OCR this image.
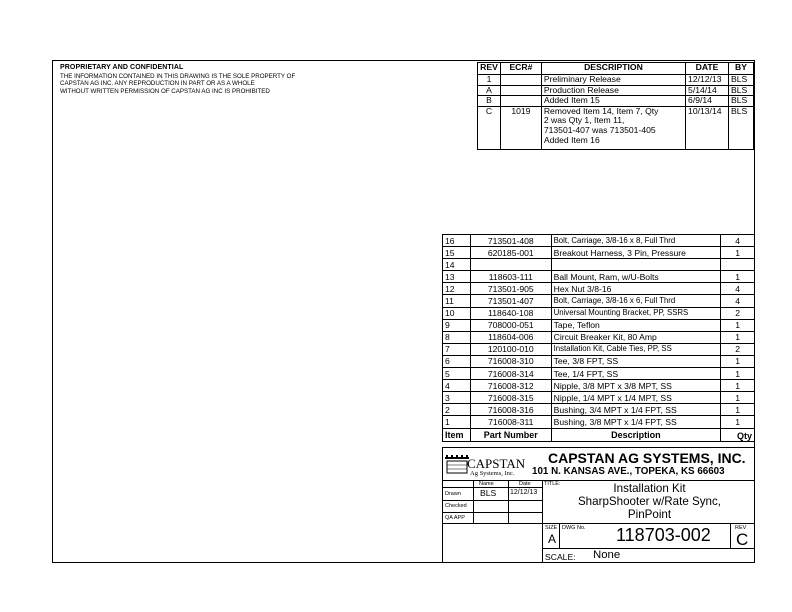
PROPRIETARY AND CONFIDENTIAL
THE INFORMATION CONTAINED IN THIS DRAWING IS THE SOLE PROPERTY OF
CAPSTAN AG INC. ANY REPRODUCTION IN PART OR AS A WHOLE
WITHOUT WRITTEN PERMISSION OF CAPSTAN AG INC IS PROHIBITED
REV	ECR#	DESCRIPTION	DATE	BY
1		Preliminary Release	12/12/13	BLS
A		Production Release	5/14/14	BLS
B		Added Item 15	6/9/14	BLS
C	1019	Removed Item 14, Item 7, Qty
2 was Qty 1, Item 11,
713501-407 was 713501-405
Added Item 16	10/13/14	BLS
16	713501-408	Bolt, Carriage, 3/8-16 x 8, Full Thrd	4
15	620185-001	Breakout Harness, 3 Pin, Pressure	1
14			
13	118603-111	Ball Mount, Ram, w/U-Bolts	1
12	713501-905	Hex Nut 3/8-16	4
11	713501-407	Bolt, Carriage, 3/8-16 x 6, Full Thrd	4
10	118640-108	Universal Mounting Bracket, PP, SSRS	2
9	708000-051	Tape, Teflon	1
8	118604-006	Circuit Breaker Kit, 80 Amp	1
7	120100-010	Installation Kit, Cable Ties, PP, SS	2
6	716008-310	Tee, 3/8 FPT, SS	1
5	716008-314	Tee, 1/4 FPT, SS	1
4	716008-312	Nipple, 3/8 MPT x 3/8 MPT, SS	1
3	716008-315	Nipple, 1/4 MPT x 1/4 MPT, SS	1
2	716008-316	Bushing, 3/4 MPT x 1/4 FPT, SS	1
1	716008-311	Bushing, 3/8 MPT x 1/4 FPT, SS	1
Item	Part Number	Description	Qty
CAPSTAN
Ag Systems, Inc.
CAPSTAN AG SYSTEMS, INC.
101 N. KANSAS AVE., TOPEKA, KS 66603
Name	Date
Drawn BLS 12/12/13
Checked
QA APP
TITLE:	Installation Kit
SharpShooter w/Rate Sync,
PinPoint
SIZE
A
DWG No. 118703-002	REV
C
SCALE: None
